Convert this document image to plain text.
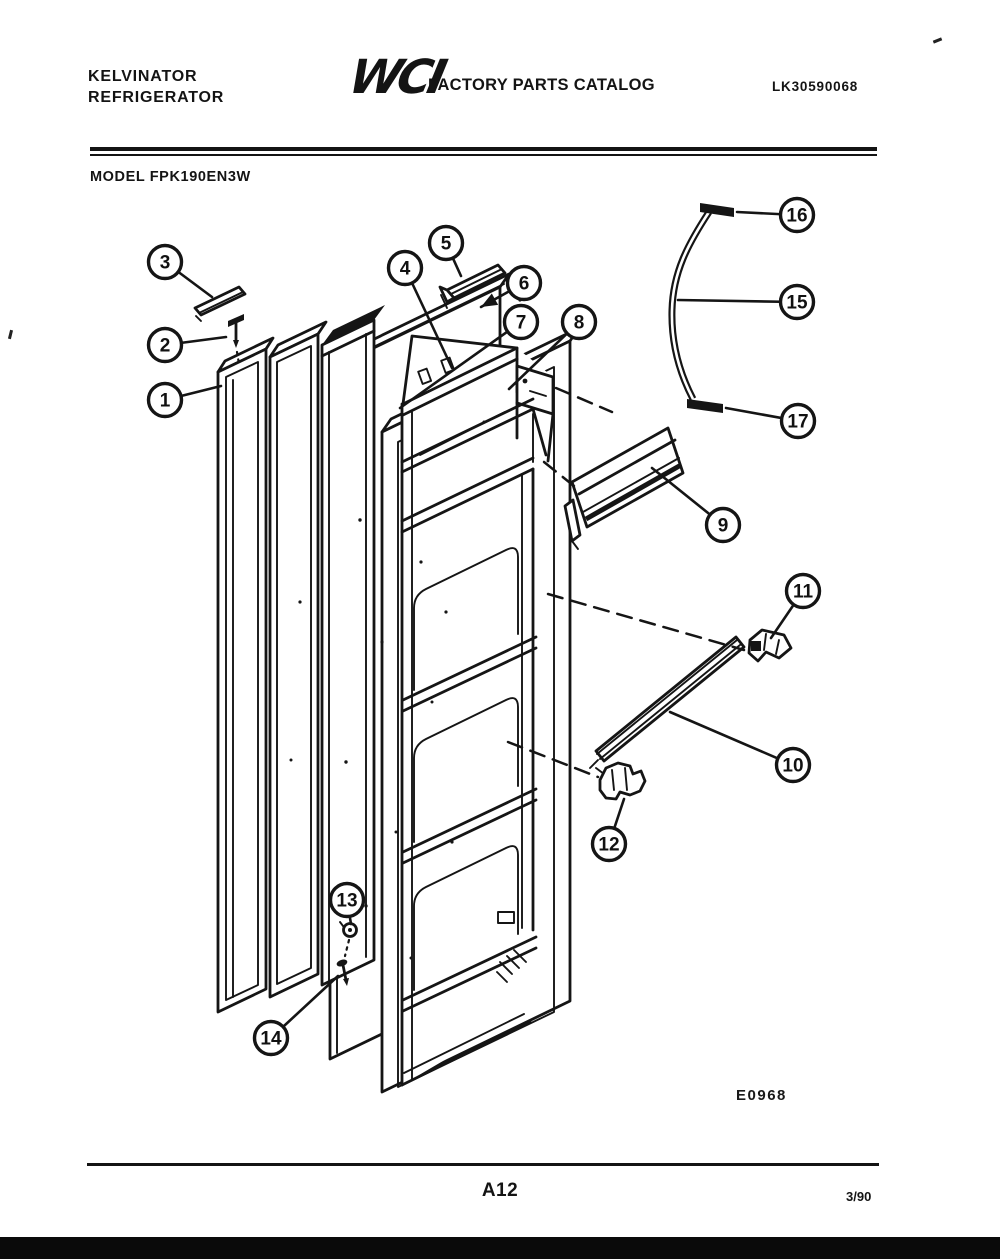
KELVINATOR
REFRIGERATOR	WCI
FACTORY PARTS CATALOG	LK30590068
MODEL FPK190EN3W
1
2
3	4
5
6
7 8
9
10
11
12
13
14
15
16
17
E0968
A12	3/90
